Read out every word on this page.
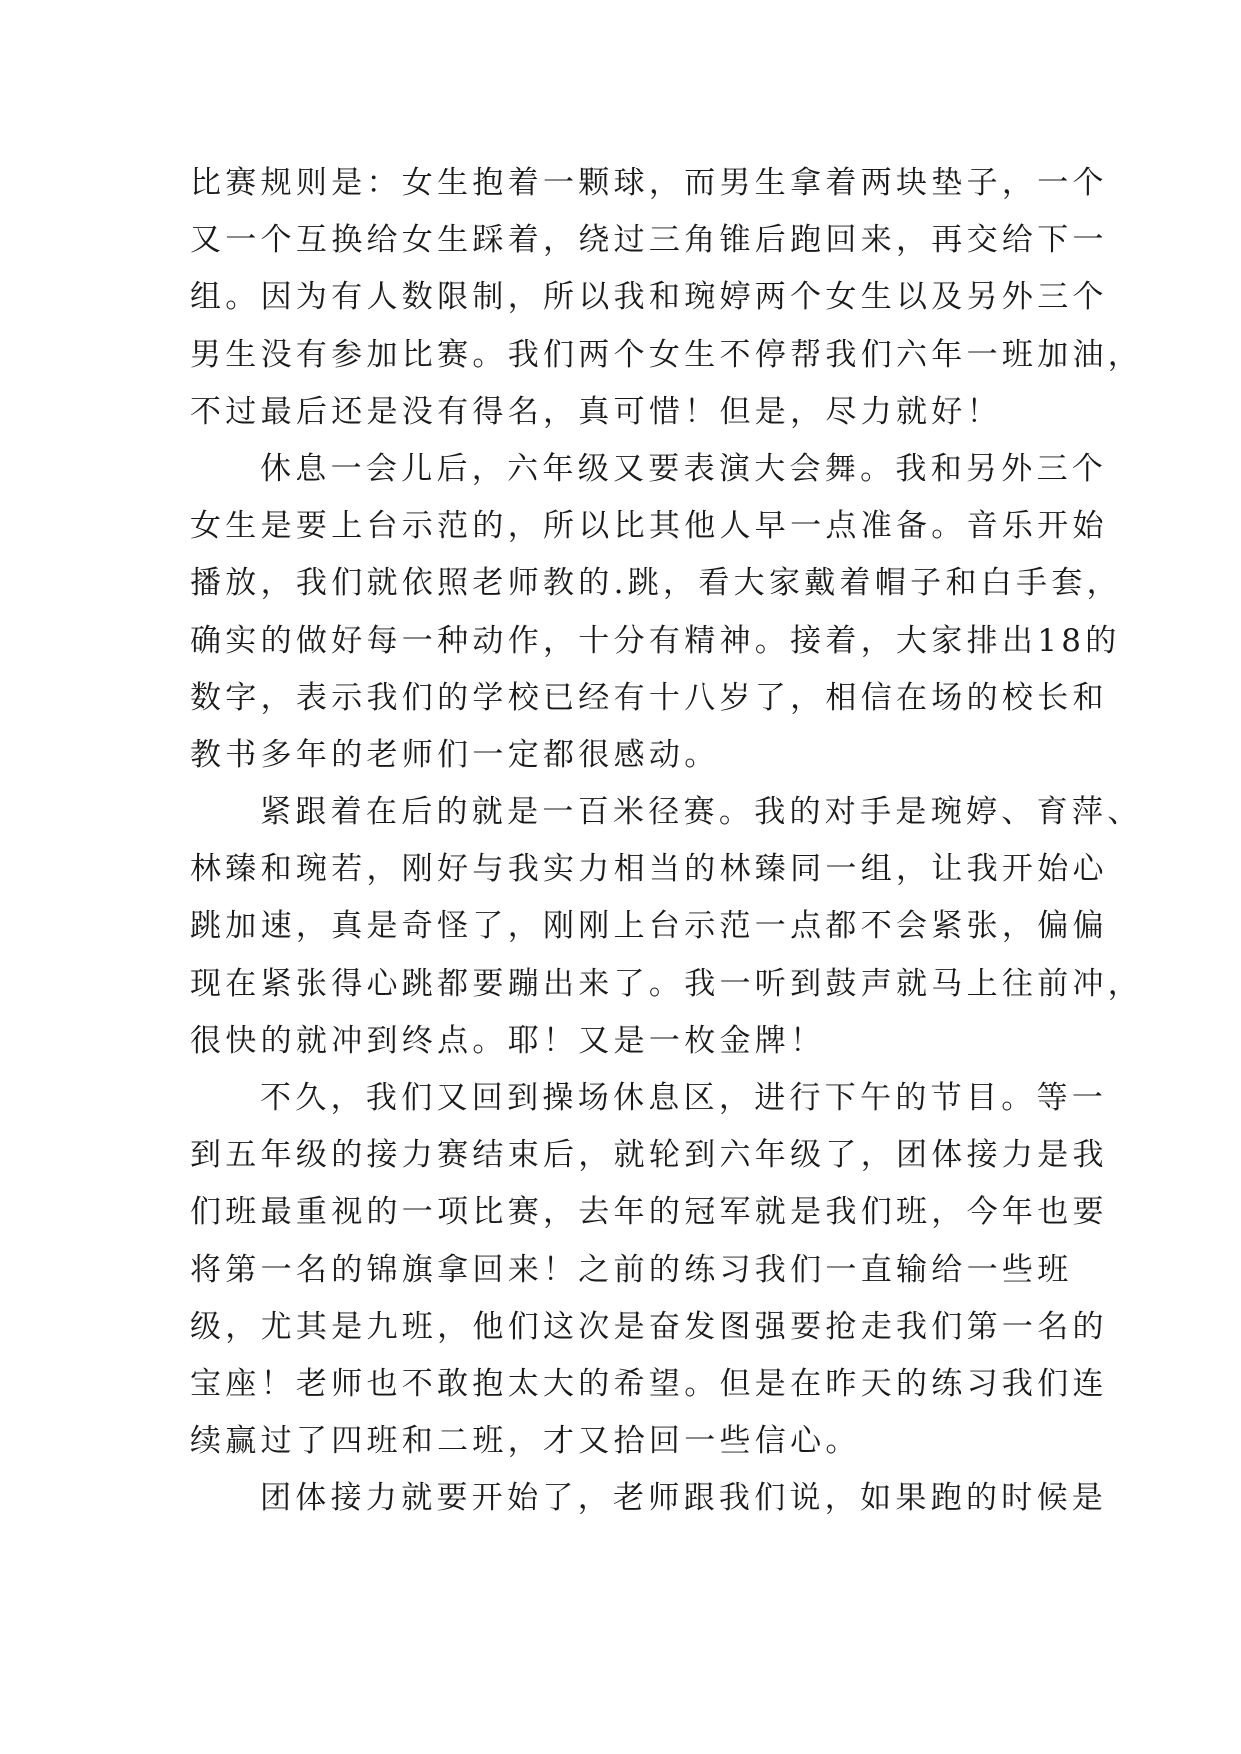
比赛规则是：女生抱着一颗球，而男生拿着两块垫子，一个
又一个互换给女生踩着，绕过三角锥后跑回来，再交给下一
组。因为有人数限制，所以我和琬婷两个女生以及另外三个
男生没有参加比赛。我们两个女生不停帮我们六年一班加油，
不过最后还是没有得名，真可惜！但是，尽力就好！
休息一会儿后，六年级又要表演大会舞。我和另外三个
女生是要上台示范的，所以比其他人早一点准备。音乐开始
播放，我们就依照老师教的.跳，看大家戴着帽子和白手套，
确实的做好每一种动作，十分有精神。接着，大家排出18的
数字，表示我们的学校已经有十八岁了，相信在场的校长和
教书多年的老师们一定都很感动。
紧跟着在后的就是一百米径赛。我的对手是琬婷、育萍、
林臻和琬若，刚好与我实力相当的林臻同一组，让我开始心
跳加速，真是奇怪了，刚刚上台示范一点都不会紧张，偏偏
现在紧张得心跳都要蹦出来了。我一听到鼓声就马上往前冲，
很快的就冲到终点。耶！又是一枚金牌！
不久，我们又回到操场休息区，进行下午的节目。等一
到五年级的接力赛结束后，就轮到六年级了，团体接力是我
们班最重视的一项比赛，去年的冠军就是我们班，今年也要
将第一名的锦旗拿回来！之前的练习我们一直输给一些班
级，尤其是九班，他们这次是奋发图强要抢走我们第一名的
宝座！老师也不敢抱太大的希望。但是在昨天的练习我们连
续赢过了四班和二班，才又拾回一些信心。
团体接力就要开始了，老师跟我们说，如果跑的时候是
